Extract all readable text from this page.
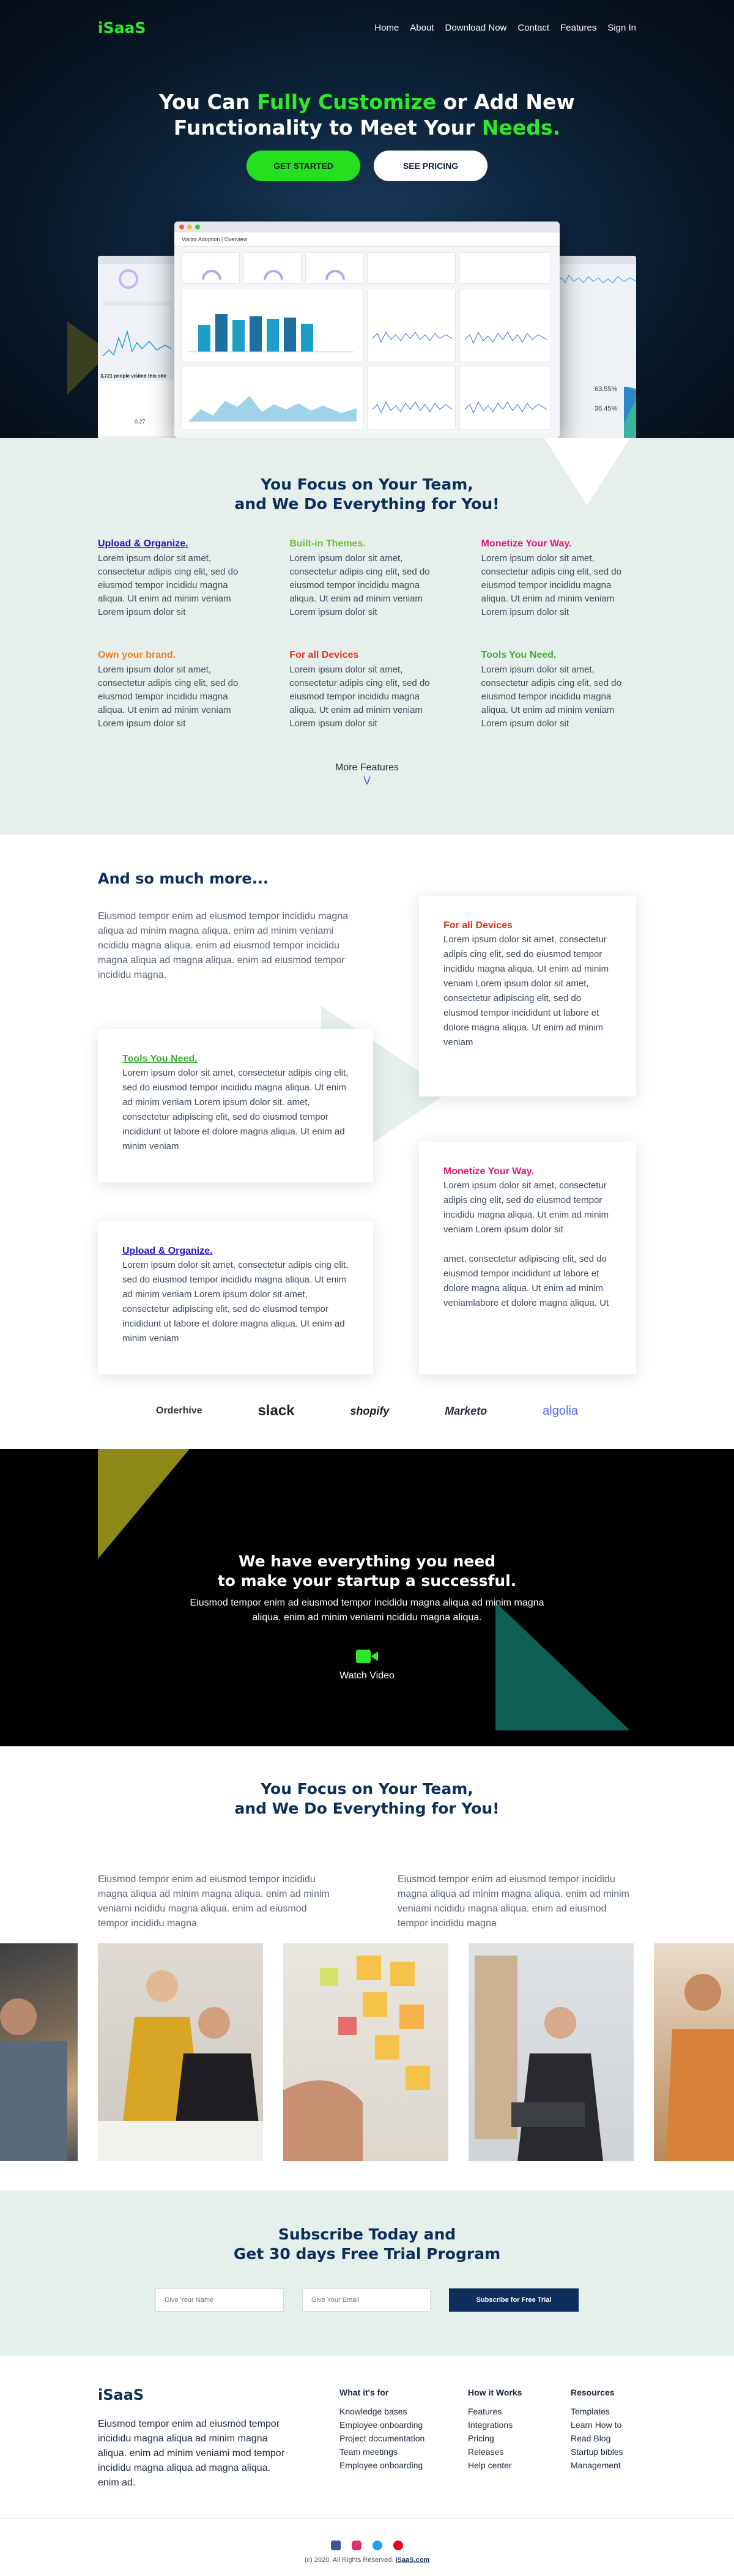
iSaaS	Home About Download Now Contact Features Sign In
You Can Fully Customize or Add New
Functionality to Meet Your Needs.
GET STARTED	SEE PRICING
0.27
3,721 people visited this site
63.55%
36.45%
Visitor Adoption | Overview
You Focus on Your Team,
and We Do Everything for You!
Upload & Organize.

Lorem ipsum dolor sit amet, consectetur adipis cing elit, sed do eiusmod tempor incididu magna aliqua. Ut enim ad minim veniam Lorem ipsum dolor sit

Built-in Themes.

Lorem ipsum dolor sit amet, consectetur adipis cing elit, sed do eiusmod tempor incididu magna aliqua. Ut enim ad minim veniam Lorem ipsum dolor sit

Monetize Your Way.

Lorem ipsum dolor sit amet, consectetur adipis cing elit, sed do eiusmod tempor incididu magna aliqua. Ut enim ad minim veniam Lorem ipsum dolor sit

Own your brand.

Lorem ipsum dolor sit amet, consectetur adipis cing elit, sed do eiusmod tempor incididu magna aliqua. Ut enim ad minim veniam Lorem ipsum dolor sit

For all Devices

Lorem ipsum dolor sit amet, consectetur adipis cing elit, sed do eiusmod tempor incididu magna aliqua. Ut enim ad minim veniam Lorem ipsum dolor sit

Tools You Need.

Lorem ipsum dolor sit amet, consectetur adipis cing elit, sed do eiusmod tempor incididu magna aliqua. Ut enim ad minim veniam Lorem ipsum dolor sit

More Features
⋁
And so much more...

Eiusmod tempor enim ad eiusmod tempor incididu magna aliqua ad minim magna aliqua. enim ad minim veniami ncididu magna aliqua. enim ad eiusmod tempor incididu magna aliqua ad magna aliqua. enim ad eiusmod tempor incididu magna.

For all Devices

Lorem ipsum dolor sit amet, consectetur adipis cing elit, sed do eiusmod tempor incididu magna aliqua. Ut enim ad minim veniam Lorem ipsum dolor sit amet, consectetur adipiscing elit, sed do eiusmod tempor incididunt ut labore et dolore magna aliqua. Ut enim ad minim veniam

Tools You Need.

Lorem ipsum dolor sit amet, consectetur adipis cing elit, sed do eiusmod tempor incididu magna aliqua. Ut enim ad minim veniam Lorem ipsum dolor sit. amet, consectetur adipiscing elit, sed do eiusmod tempor incididunt ut labore et dolore magna aliqua. Ut enim ad minim veniam

Monetize Your Way.

Lorem ipsum dolor sit amet, consectetur adipis cing elit, sed do eiusmod tempor incididu magna aliqua. Ut enim ad minim veniam Lorem ipsum dolor sit

amet, consectetur adipiscing elit, sed do eiusmod tempor incididunt ut labore et dolore magna aliqua. Ut enim ad minim veniamlabore et dolore magna aliqua. Ut

Upload & Organize.

Lorem ipsum dolor sit amet, consectetur adipis cing elit, sed do eiusmod tempor incididu magna aliqua. Ut enim ad minim veniam Lorem ipsum dolor sit amet, consectetur adipiscing elit, sed do eiusmod tempor incididunt ut labore et dolore magna aliqua. Ut enim ad minim veniam

Orderhive	slack	shopify	Marketo	algolia
We have everything you need
to make your startup a successful.

Eiusmod tempor enim ad eiusmod tempor incididu magna aliqua ad minim magna
aliqua. enim ad minim veniami ncididu magna aliqua.

Watch Video
You Focus on Your Team,
and We Do Everything for You!

Eiusmod tempor enim ad eiusmod tempor incididu magna aliqua ad minim magna aliqua. enim ad minim veniami ncididu magna aliqua. enim ad eiusmod tempor incididu magna

Eiusmod tempor enim ad eiusmod tempor incididu magna aliqua ad minim magna aliqua. enim ad minim veniami ncididu magna aliqua. enim ad eiusmod tempor incididu magna

Subscribe Today and
Get 30 days Free Trial Program
Give Your Name
Give Your Email
Subscribe for Free Trial
iSaaS

Eiusmod tempor enim ad eiusmod tempor incididu magna aliqua ad minim magna aliqua. enim ad minim veniami mod tempor incididu magna aliqua ad magna aliqua. enim ad.

What it's for
Knowledge bases
Employee onboarding
Project documentation
Team meetings
Employee onboarding
How it Works
Features
Integrations
Pricing
Releases
Help center
Resources
Templates
Learn How to
Read Blog
Startup bibles
Management
(c) 2020. All Rights Reserved. iSaaS.com
